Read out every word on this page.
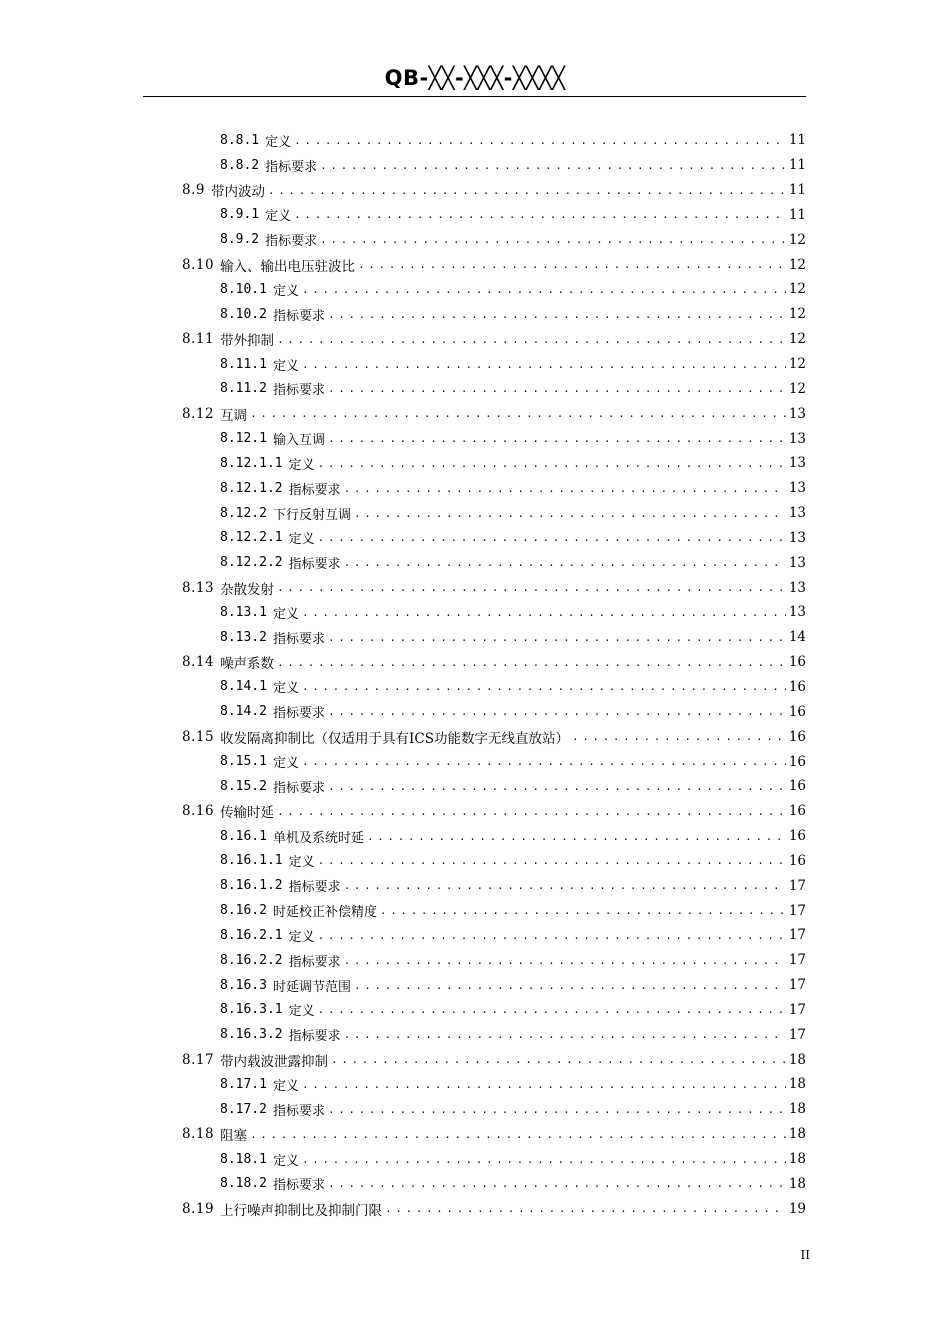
QB-╳╳-╳╳╳-╳╳╳╳
8.8.1 定义 .....	11
8.8.2 指标要求 .....	11
8.9 带内波动 .....	11
8.9.1 定义 .....	11
8.9.2 指标要求 .....	12
8.10 输入、输出电压驻波比 .....	12
8.10.1 定义 .....	12
8.10.2 指标要求 .....	12
8.11 带外抑制 .....	12
8.11.1 定义 .....	12
8.11.2 指标要求 .....	12
8.12 互调 .....	13
8.12.1 输入互调 .....	13
8.12.1.1 定义 .....	13
8.12.1.2 指标要求 .....	13
8.12.2 下行反射互调 .....	13
8.12.2.1 定义 .....	13
8.12.2.2 指标要求 .....	13
8.13 杂散发射 .....	13
8.13.1 定义 .....	13
8.13.2 指标要求 .....	14
8.14 噪声系数 .....	16
8.14.1 定义 .....	16
8.14.2 指标要求 .....	16
8.15 收发隔离抑制比（仅适用于具有ICS功能数字无线直放站） .....	16
8.15.1 定义 .....	16
8.15.2 指标要求 .....	16
8.16 传输时延 .....	16
8.16.1 单机及系统时延 .....	16
8.16.1.1 定义 .....	16
8.16.1.2 指标要求 .....	17
8.16.2 时延校正补偿精度 .....	17
8.16.2.1 定义 .....	17
8.16.2.2 指标要求 .....	17
8.16.3 时延调节范围 .....	17
8.16.3.1 定义 .....	17
8.16.3.2 指标要求 .....	17
8.17 带内载波泄露抑制 .....	18
8.17.1 定义 .....	18
8.17.2 指标要求 .....	18
8.18 阻塞 .....	18
8.18.1 定义 .....	18
8.18.2 指标要求 .....	18
8.19 上行噪声抑制比及抑制门限 .....	19
II
